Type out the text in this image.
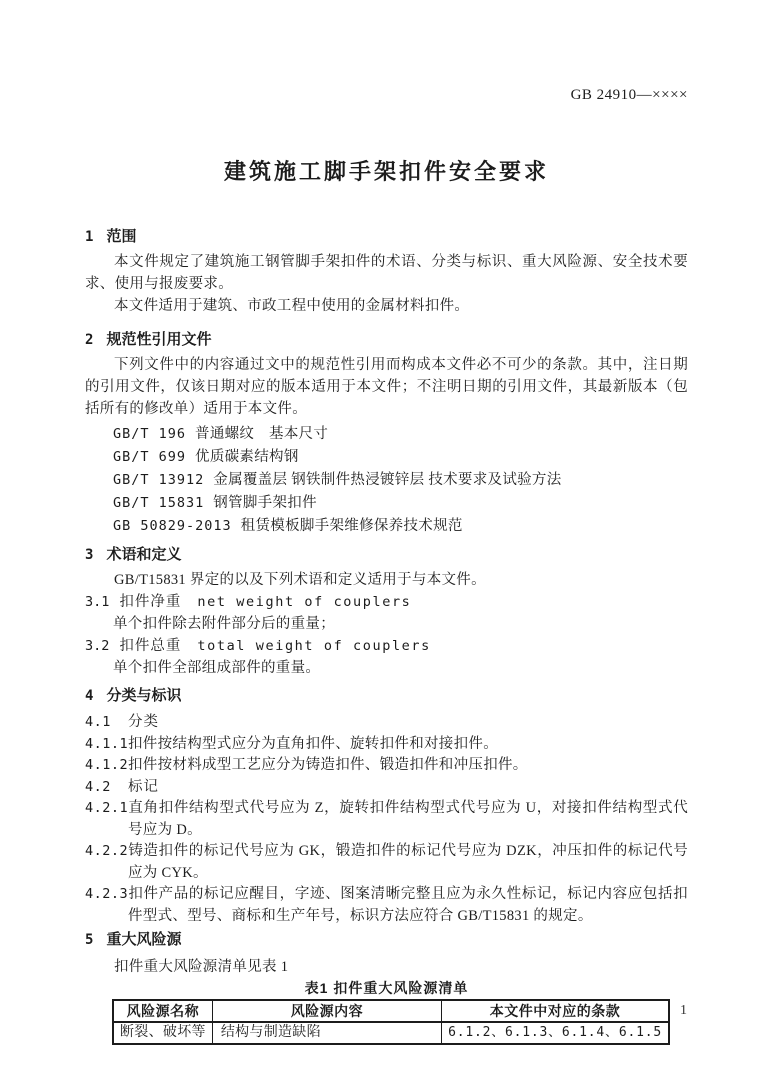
GB 24910—××××
建筑施工脚手架扣件安全要求
1 范围

本文件规定了建筑施工钢管脚手架扣件的术语、分类与标识、重大风险源、安全技术要求、使用与报废要求。

本文件适用于建筑、市政工程中使用的金属材料扣件。

2 规范性引用文件

下列文件中的内容通过文中的规范性引用而构成本文件必不可少的条款。其中，注日期的引用文件，仅该日期对应的版本适用于本文件；不注明日期的引用文件，其最新版本（包括所有的修改单）适用于本文件。

GB/T 196 普通螺纹　基本尺寸
GB/T 699 优质碳素结构钢
GB/T 13912 金属覆盖层 钢铁制件热浸镀锌层 技术要求及试验方法
GB/T 15831 钢管脚手架扣件
GB 50829-2013 租赁模板脚手架维修保养技术规范
3 术语和定义

GB/T15831 界定的以及下列术语和定义适用于与本文件。

3.1 扣件净重 net weight of couplers
单个扣件除去附件部分后的重量；
3.2 扣件总重 total weight of couplers
单个扣件全部组成部件的重量。
4 分类与标识
4.1 分类
4.1.1扣件按结构型式应分为直角扣件、旋转扣件和对接扣件。
4.1.2扣件按材料成型工艺应分为铸造扣件、锻造扣件和冲压扣件。
4.2 标记
4.2.1直角扣件结构型式代号应为 Z，旋转扣件结构型式代号应为 U，对接扣件结构型式代号应为 D。
4.2.2铸造扣件的标记代号应为 GK，锻造扣件的标记代号应为 DZK，冲压扣件的标记代号应为 CYK。
4.2.3扣件产品的标记应醒目，字迹、图案清晰完整且应为永久性标记，标记内容应包括扣件型式、型号、商标和生产年号，标识方法应符合 GB/T15831 的规定。
5 重大风险源

扣件重大风险源清单见表 1

表1 扣件重大风险源清单
风险源名称	风险源内容	本文件中对应的条款
断裂、破坏等	结构与制造缺陷	6.1.2、6.1.3、6.1.4、6.1.5
1
